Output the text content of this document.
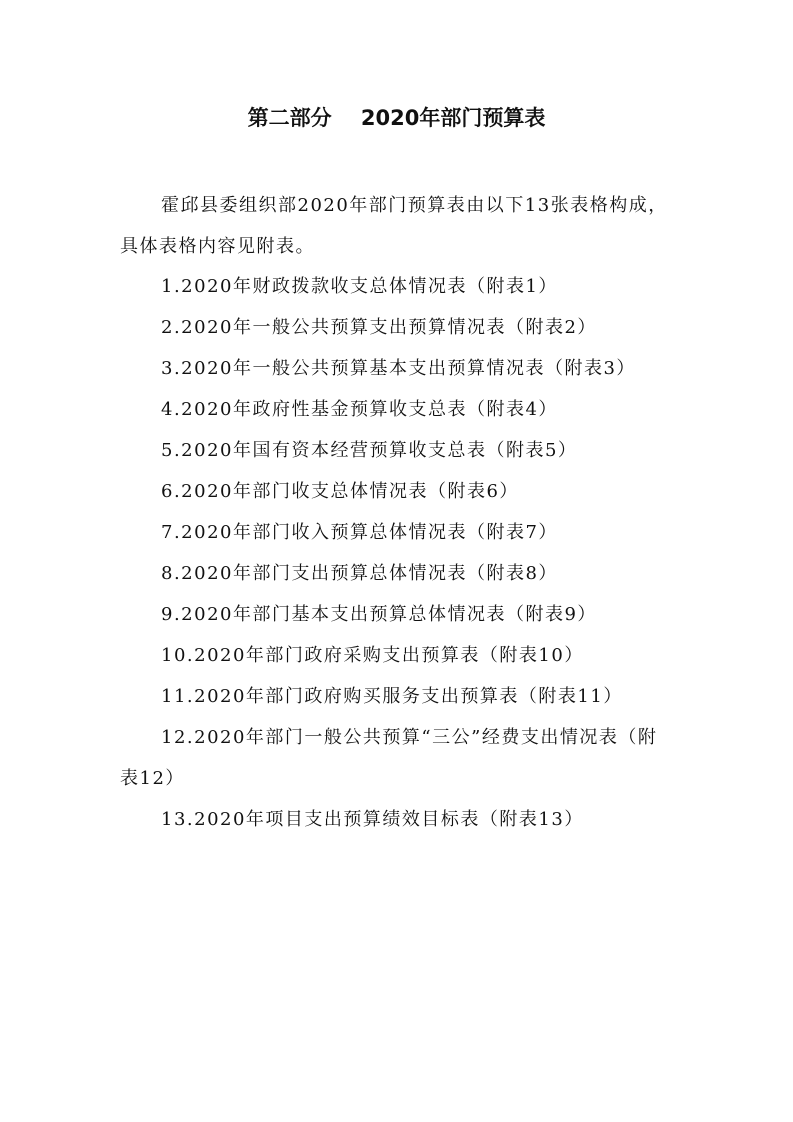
第二部分    2020年部门预算表

霍邱县委组织部2020年部门预算表由以下13张表格构成，具体表格内容见附表。

1.2020年财政拨款收支总体情况表（附表1）
2.2020年一般公共预算支出预算情况表（附表2）
3.2020年一般公共预算基本支出预算情况表（附表3）
4.2020年政府性基金预算收支总表（附表4）
5.2020年国有资本经营预算收支总表（附表5）
6.2020年部门收支总体情况表（附表6）
7.2020年部门收入预算总体情况表（附表7）
8.2020年部门支出预算总体情况表（附表8）
9.2020年部门基本支出预算总体情况表（附表9）
10.2020年部门政府采购支出预算表（附表10）
11.2020年部门政府购买服务支出预算表（附表11）
12.2020年部门一般公共预算“三公”经费支出情况表（附表12）
13.2020年项目支出预算绩效目标表（附表13）
